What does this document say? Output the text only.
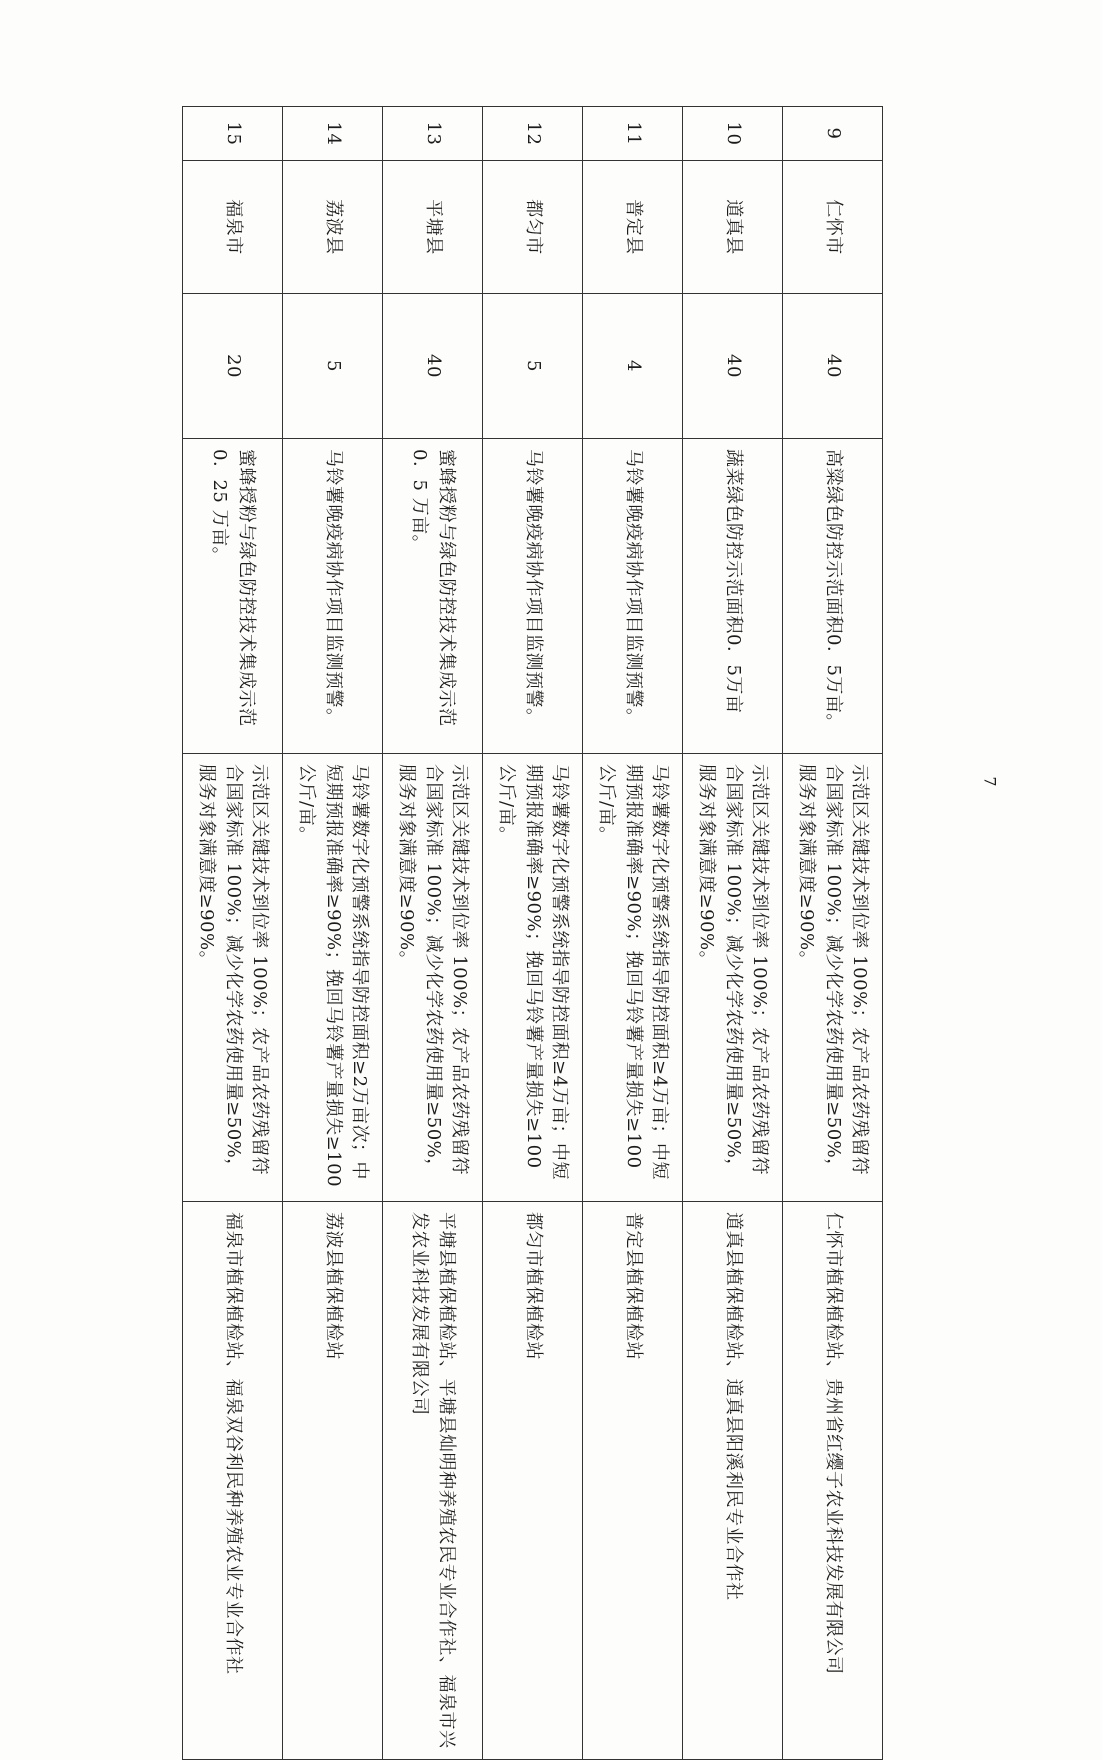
9	仁怀市	40	高粱绿色防控示范面积0．5万亩。	示范区关键技术到位率 100%；农产品农药残留符合国家标准 100%；减少化学农药使用量≥50%，服务对象满意度≥90%。	仁怀市植保植检站、贵州省红缨子农业科技发展有限公司
10	道真县	40	蔬菜绿色防控示范面积0．5万亩	示范区关键技术到位率 100%；农产品农药残留符合国家标准 100%；减少化学农药使用量≥50%，服务对象满意度≥90%。	道真县植保植检站、道真县阳溪利民专业合作社
11	普定县	4	马铃薯晚疫病协作项目监测预警。	马铃薯数字化预警系统指导防控面积≥4万亩；中短期预报准确率≥90%；挽回马铃薯产量损失≥100 公斤/亩。	普定县植保植检站
12	都匀市	5	马铃薯晚疫病协作项目监测预警。	马铃薯数字化预警系统指导防控面积≥4万亩；中短期预报准确率≥90%；挽回马铃薯产量损失≥100 公斤/亩。	都匀市植保植检站
13	平塘县	40	蜜蜂授粉与绿色防控技术集成示范 0．5 万亩。	示范区关键技术到位率 100%；农产品农药残留符合国家标准 100%；减少化学农药使用量≥50%，服务对象满意度≥90%。	平塘县植保植检站、平塘县灿明种养殖农民专业合作社、福泉市兴发农业科技发展有限公司
14	荔波县	5	马铃薯晚疫病协作项目监测预警。	马铃薯数字化预警系统指导防控面积≥2万亩次；中短期预报准确率≥90%；挽回马铃薯产量损失≥100 公斤/亩。	荔波县植保植检站
15	福泉市	20	蜜蜂授粉与绿色防控技术集成示范 0．25 万亩。	示范区关键技术到位率 100%；农产品农药残留符合国家标准 100%；减少化学农药使用量≥50%，服务对象满意度≥90%。	福泉市植保植检站、福泉双谷利民种养殖农业专业合作社
7
